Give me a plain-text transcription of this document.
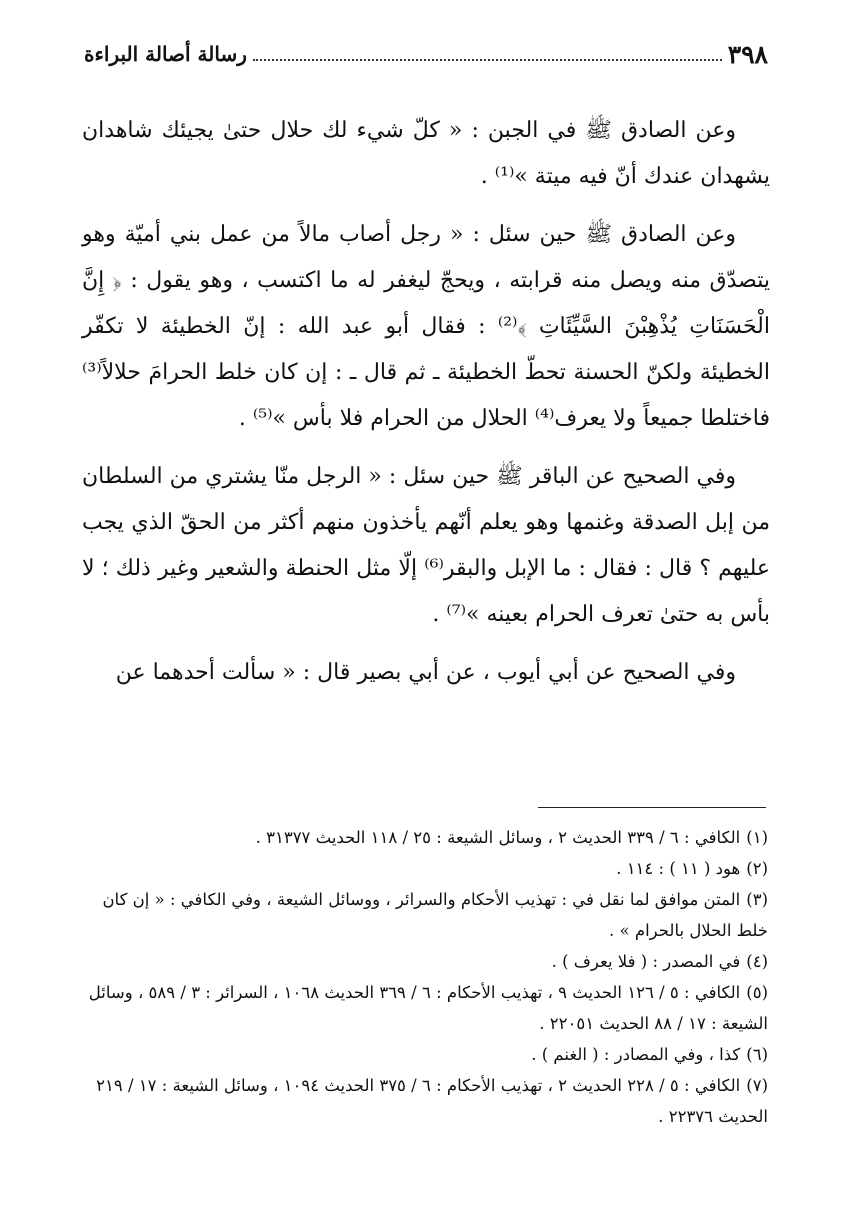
٣٩٨
رسالة أصالة البراءة

وعن الصادق ﷺ في الجبن : « كلّ شيء لك حلال حتىٰ يجيئك شاهدان يشهدان عندك أنّ فيه ميتة »⁽¹⁾ .

وعن الصادق ﷺ حين سئل : « رجل أصاب مالاً من عمل بني أميّة وهو يتصدّق منه ويصل منه قرابته ، ويحجّ ليغفر له ما اكتسب ، وهو يقول : ﴿ إِنَّ الْحَسَنَاتِ يُذْهِبْنَ السَّيِّئَاتِ ﴾⁽²⁾ : فقال أبو عبد الله : إنّ الخطيئة لا تكفّر الخطيئة ولكنّ الحسنة تحطّ الخطيئة ـ ثم قال ـ : إن كان خلط الحرامَ حلالاً⁽³⁾ فاختلطا جميعاً ولا يعرف⁽⁴⁾ الحلال من الحرام فلا بأس »⁽⁵⁾ .

وفي الصحيح عن الباقر ﷺ حين سئل : « الرجل منّا يشتري من السلطان من إبل الصدقة وغنمها وهو يعلم أنّهم يأخذون منهم أكثر من الحقّ الذي يجب عليهم ؟ قال : فقال : ما الإبل والبقر⁽⁶⁾ إلّا مثل الحنطة والشعير وغير ذلك ؛ لا بأس به حتىٰ تعرف الحرام بعينه »⁽⁷⁾ .

وفي الصحيح عن أبي أيوب ، عن أبي بصير قال : « سألت أحدهما عن

(١)الكافي : ٦ / ٣٣٩ الحديث ٢ ، وسائل الشيعة : ٢٥ / ١١٨ الحديث ٣١٣٧٧ .

(٢)هود ( ١١ ) : ١١٤ .

(٣)المتن موافق لما نقل في : تهذيب الأحكام والسرائر ، ووسائل الشيعة ، وفي الكافي : « إن كان خلط الحلال بالحرام » .

(٤)في المصدر : ( فلا يعرف ) .

(٥)الكافي : ٥ / ١٢٦ الحديث ٩ ، تهذيب الأحكام : ٦ / ٣٦٩ الحديث ١٠٦٨ ، السرائر : ٣ / ٥٨٩ ، وسائل الشيعة : ١٧ / ٨٨ الحديث ٢٢٠٥١ .

(٦)كذا ، وفي المصادر : ( الغنم ) .

(٧)الكافي : ٥ / ٢٢٨ الحديث ٢ ، تهذيب الأحكام : ٦ / ٣٧٥ الحديث ١٠٩٤ ، وسائل الشيعة : ١٧ / ٢١٩ الحديث ٢٢٣٧٦ .
